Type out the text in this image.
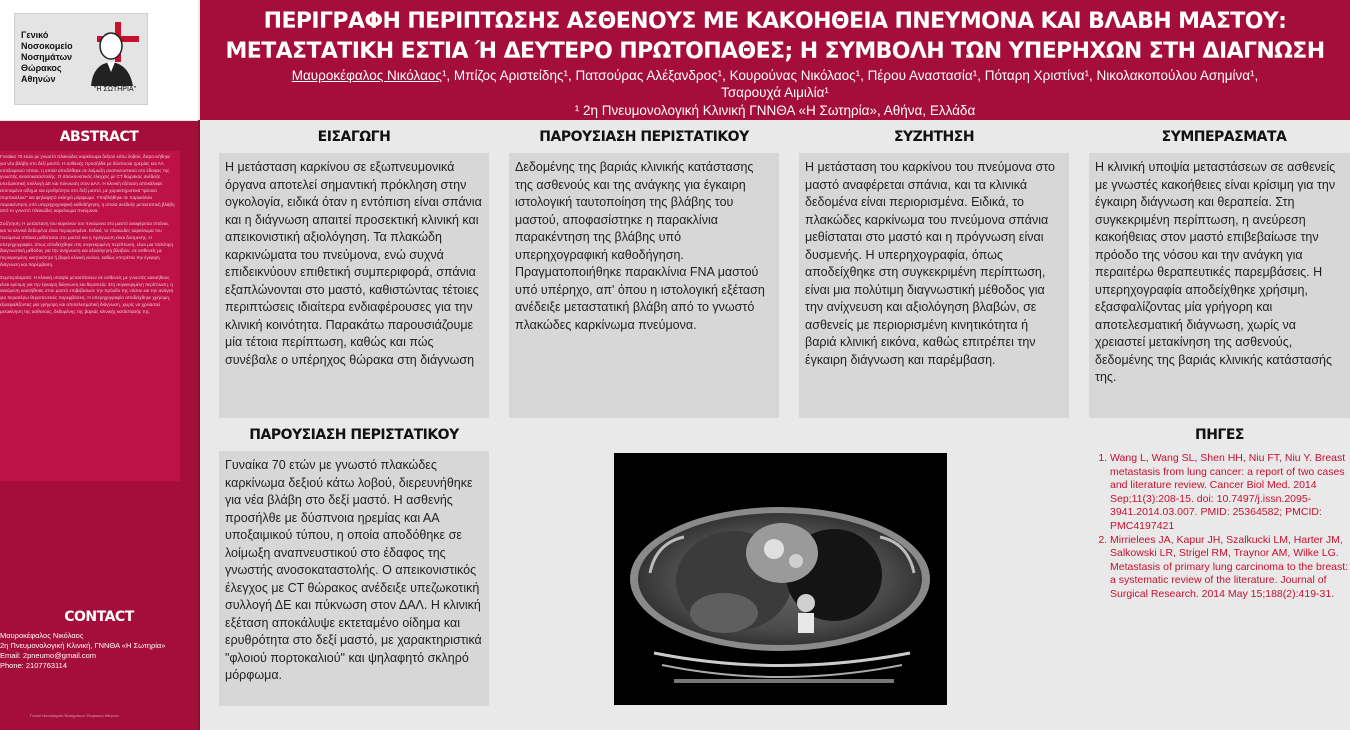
Γενικό
Νοσοκομείο
Νοσημάτων
Θώρακος
Αθηνών
"Η ΣΩΤΗΡΙΑ"
ΠΕΡΙΓΡΑΦΗ ΠΕΡΙΠΤΩΣΗΣ ΑΣΘΕΝΟΥΣ ΜΕ ΚΑΚΟΗΘΕΙΑ ΠΝΕΥΜΟΝΑ ΚΑΙ ΒΛΑΒΗ ΜΑΣΤΟΥ:
ΜΕΤΑΣΤΑΤΙΚΗ ΕΣΤΙΑ Ή ΔΕΥΤΕΡΟ ΠΡΩΤΟΠΑΘΕΣ; Η ΣΥΜΒΟΛΗ ΤΩΝ ΥΠΕΡΗΧΩΝ ΣΤΗ ΔΙΑΓΝΩΣΗ
Μαυροκέφαλος Νικόλαος¹, Μπίζος Αριστείδης¹, Πατσούρας Αλέξανδρος¹, Κουρούνας Νικόλαος¹, Πέρου Αναστασία¹, Πόταρη Χριστίνα¹, Νικολακοπούλου Ασημίνα¹, Τσαρουχά Αιμιλία¹
¹ 2η Πνευμονολογική Κλινική ΓΝΝΘΑ «Η Σωτηρία», Αθήνα, Ελλάδα
ABSTRACT

Γυναίκα 70 ετών με γνωστό πλακώδες καρκίνωμα δεξιού κάτω λοβού, διερευνήθηκε για νέα βλάβη στο δεξί μαστό. Η ασθενής προσήλθε με δύσπνοια ηρεμίας και ΑΑ υποξαιμικού τύπου, η οποία αποδόθηκε σε λοίμωξη αναπνευστικού στο έδαφος της γνωστής ανοσοκαταστολής. Ο απεικονιστικός έλεγχος με CT θώρακος ανέδειξε υπεζωκοτική συλλογή ΔΕ και πύκνωση στον ΔΑΛ. Η κλινική εξέταση αποκάλυψε εκτεταμένο οίδημα και ερυθρότητα στο δεξί μαστό, με χαρακτηριστικά "φλοιού πορτοκαλιού" και ψηλαφητό σκληρό μόρφωμα. Υποβλήθηκε σε παρακλίνια παρακέντηση υπό υπερηχογραφική καθοδήγηση, η οποία ανέδειξε μεταστατική βλάβη από το γνωστό πλακώδες καρκίνωμα πνεύμονα.

Συζήτηση: Η μετάσταση του καρκίνου του πνεύμονα στο μαστό αναφέρεται σπάνια, και τα κλινικά δεδομένα είναι περιορισμένα. Ειδικά, το πλακώδες καρκίνωμα του πνεύμονα σπάνια μεθίσταται στο μαστό και η πρόγνωση είναι δυσμενής. Η υπερηχογραφία, όπως αποδείχθηκε στη συγκεκριμένη περίπτωση, είναι μια πολύτιμη διαγνωστική μέθοδος για την ανίχνευση και αξιολόγηση βλαβών, σε ασθενείς με περιορισμένη κινητικότητα ή βαριά κλινική εικόνα, καθώς επιτρέπει την έγκαιρη διάγνωση και παρέμβαση.

Συμπεράσματα: Η κλινική υποψία μεταστάσεων σε ασθενείς με γνωστές κακοήθειες είναι κρίσιμη για την έγκαιρη διάγνωση και θεραπεία. Στη συγκεκριμένη περίπτωση, η ανεύρεση κακοήθειας στον μαστό επιβεβαίωσε την πρόοδο της νόσου και την ανάγκη για περαιτέρω θεραπευτικές παρεμβάσεις. Η υπερηχογραφία αποδείχθηκε χρήσιμη, εξασφαλίζοντας μία γρήγορη και αποτελεσματική διάγνωση, χωρίς να χρειαστεί μετακίνηση της ασθενούς, δεδομένης της βαριάς κλινικής κατάστασής της.

CONTACT
Μαυροκέφαλος Νικόλαος
2η Πνευμονολογική Κλινική, ΓΝΝΘΑ «Η Σωτηρία»
Email: 2pneumo@gmail.com
Phone: 2107763114
Γενικό Νοσοκομείο Νοσημάτων Θώρακος Αθηνών
ΕΙΣΑΓΩΓΗ

Η μετάσταση καρκίνου σε εξωπνευμονικά όργανα αποτελεί σημαντική πρόκληση στην ογκολογία, ειδικά όταν η εντόπιση είναι σπάνια και η διάγνωση απαιτεί προσεκτική κλινική και απεικονιστική αξιολόγηση. Τα πλακώδη καρκινώματα του πνεύμονα, ενώ συχνά επιδεικνύουν επιθετική συμπεριφορά, σπάνια εξαπλώνονται στο μαστό, καθιστώντας τέτοιες περιπτώσεις ιδιαίτερα ενδιαφέρουσες για την κλινική κοινότητα. Παρακάτω παρουσιάζουμε μία τέτοια περίπτωση, καθώς και πώς συνέβαλε ο υπέρηχος θώρακα στη διάγνωση

ΠΑΡΟΥΣΙΑΣΗ ΠΕΡΙΣΤΑΤΙΚΟΥ

Δεδομένης της βαριάς κλινικής κατάστασης της ασθενούς και της ανάγκης για έγκαιρη ιστολογική ταυτοποίηση της βλάβης του μαστού, αποφασίστηκε η παρακλίνια παρακέντηση της βλάβης υπό υπερηχογραφική καθοδήγηση.

Πραγματοποιήθηκε παρακλίνια FNA μαστού υπό υπέρηχο, απ' όπου η ιστολογική εξέταση ανέδειξε μεταστατική βλάβη από το γνωστό πλακώδες καρκίνωμα πνεύμονα.

ΣΥΖΗΤΗΣΗ

Η μετάσταση του καρκίνου του πνεύμονα στο μαστό αναφέρεται σπάνια, και τα κλινικά δεδομένα είναι περιορισμένα. Ειδικά, το πλακώδες καρκίνωμα του πνεύμονα σπάνια μεθίσταται στο μαστό και η πρόγνωση είναι δυσμενής. Η υπερηχογραφία, όπως αποδείχθηκε στη συγκεκριμένη περίπτωση, είναι μια πολύτιμη διαγνωστική μέθοδος για την ανίχνευση και αξιολόγηση βλαβών, σε ασθενείς με περιορισμένη κινητικότητα ή βαριά κλινική εικόνα, καθώς επιτρέπει την έγκαιρη διάγνωση και παρέμβαση.

ΣΥΜΠΕΡΑΣΜΑΤΑ

Η κλινική υποψία μεταστάσεων σε ασθενείς με γνωστές κακοήθειες είναι κρίσιμη για την έγκαιρη διάγνωση και θεραπεία. Στη συγκεκριμένη περίπτωση, η ανεύρεση κακοήθειας στον μαστό επιβεβαίωσε την πρόοδο της νόσου και την ανάγκη για περαιτέρω θεραπευτικές παρεμβάσεις. Η υπερηχογραφία αποδείχθηκε χρήσιμη, εξασφαλίζοντας μία γρήγορη και αποτελεσματική διάγνωση, χωρίς να χρειαστεί μετακίνηση της ασθενούς, δεδομένης της βαριάς κλινικής κατάστασής της.

ΠΑΡΟΥΣΙΑΣΗ ΠΕΡΙΣΤΑΤΙΚΟΥ

Γυναίκα 70 ετών με γνωστό πλακώδες καρκίνωμα δεξιού κάτω λοβού, διερευνήθηκε για νέα βλάβη στο δεξί μαστό. Η ασθενής προσήλθε με δύσπνοια ηρεμίας και ΑΑ υποξαιμικού τύπου, η οποία αποδόθηκε σε λοίμωξη αναπνευστικού στο έδαφος της γνωστής ανοσοκαταστολής. Ο απεικονιστικός έλεγχος με CT θώρακος ανέδειξε υπεζωκοτική συλλογή ΔΕ και πύκνωση στον ΔΑΛ. Η κλινική εξέταση αποκάλυψε εκτεταμένο οίδημα και ερυθρότητα στο δεξί μαστό, με χαρακτηριστικά "φλοιού πορτοκαλιού" και ψηλαφητό σκληρό μόρφωμα.

ΠΗΓΕΣ
1. Wang L, Wang SL, Shen HH, Niu FT, Niu Y. Breast metastasis from lung cancer: a report of two cases and literature review. Cancer Biol Med. 2014 Sep;11(3):208-15. doi: 10.7497/j.issn.2095-3941.2014.03.007. PMID: 25364582; PMCID: PMC4197421
2. Mirrielees JA, Kapur JH, Szalkucki LM, Harter JM, Salkowski LR, Strigel RM, Traynor AM, Wilke LG. Metastasis of primary lung carcinoma to the breast: a systematic review of the literature. Journal of Surgical Research. 2014 May 15;188(2):419-31.
